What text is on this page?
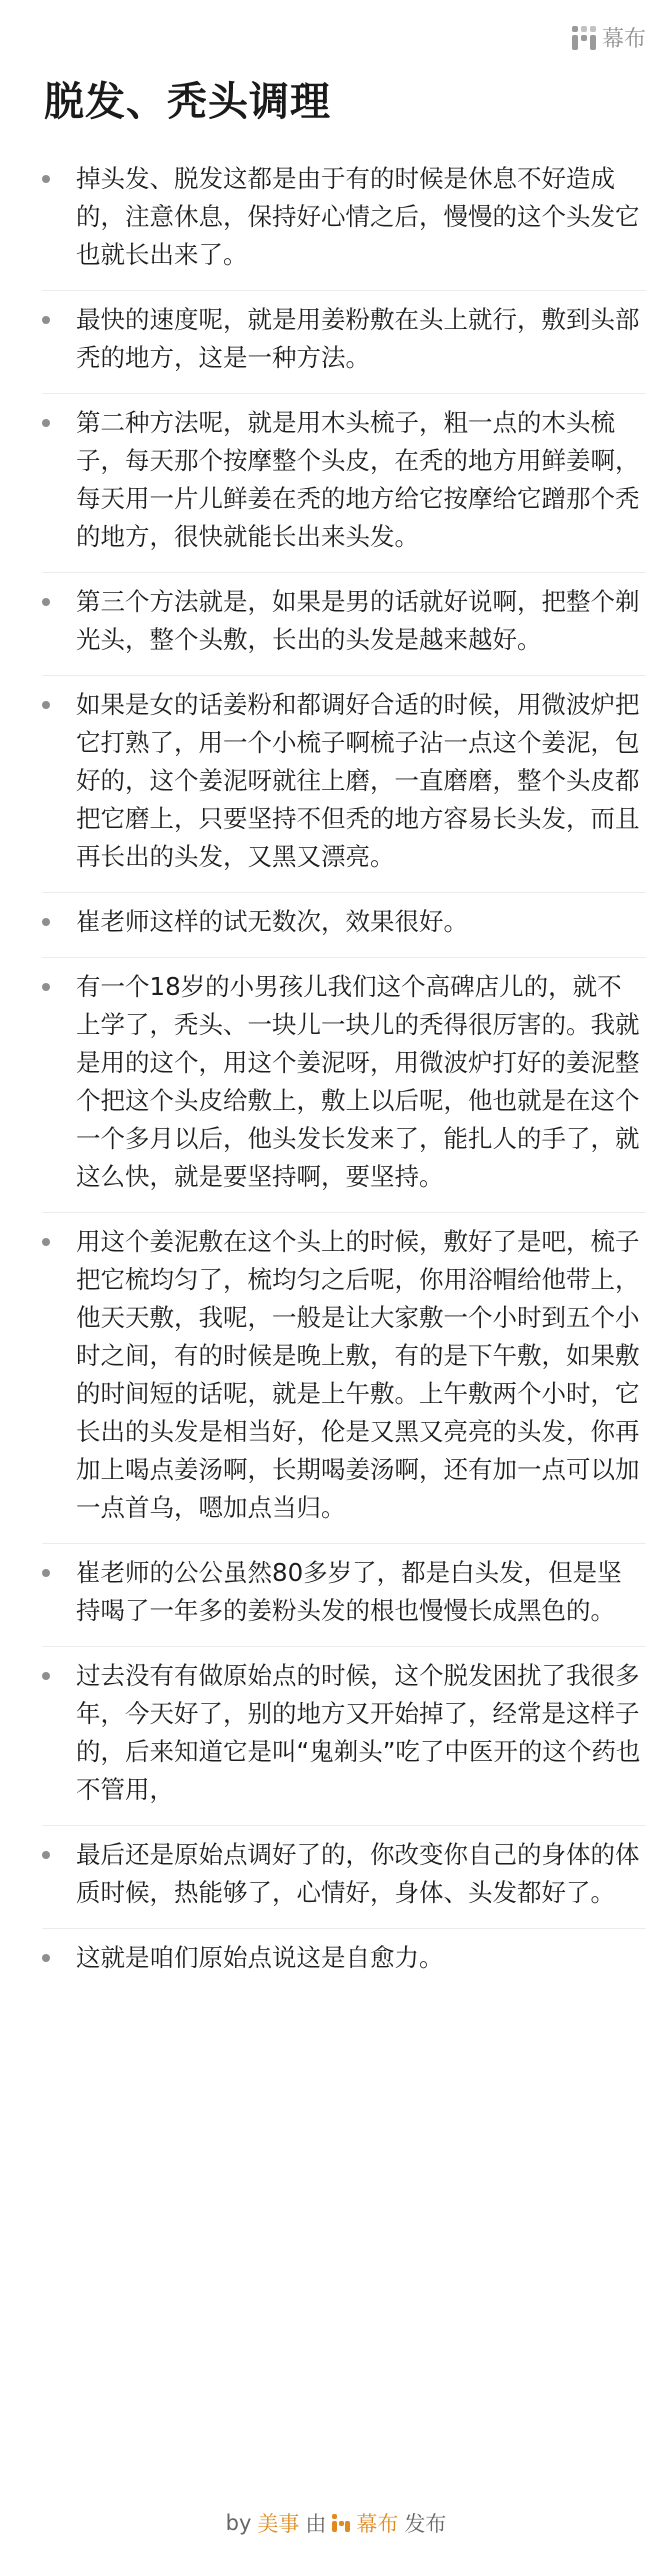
幕布
脱发、秃头调理
掉头发、脱发这都是由于有的时候是休息不好造成的，注意休息，保持好心情之后，慢慢的这个头发它也就长出来了。
最快的速度呢，就是用姜粉敷在头上就行，敷到头部秃的地方，这是一种方法。
第二种方法呢，就是用木头梳子，粗一点的木头梳子，每天那个按摩整个头皮，在秃的地方用鲜姜啊，每天用一片儿鲜姜在秃的地方给它按摩给它蹭那个秃的地方，很快就能长出来头发。
第三个方法就是，如果是男的话就好说啊，把整个剃光头，整个头敷，长出的头发是越来越好。
如果是女的话姜粉和都调好合适的时候，用微波炉把它打熟了，用一个小梳子啊梳子沾一点这个姜泥，包好的，这个姜泥呀就往上磨，一直磨磨，整个头皮都把它磨上，只要坚持不但秃的地方容易长头发，而且再长出的头发，又黑又漂亮。
崔老师这样的试无数次，效果很好。
有一个18岁的小男孩儿我们这个高碑店儿的，就不上学了，秃头、一块儿一块儿的秃得很厉害的。我就是用的这个，用这个姜泥呀，用微波炉打好的姜泥整个把这个头皮给敷上，敷上以后呢，他也就是在这个一个多月以后，他头发长发来了，能扎人的手了，就这么快，就是要坚持啊，要坚持。
用这个姜泥敷在这个头上的时候，敷好了是吧，梳子把它梳均匀了，梳均匀之后呢，你用浴帽给他带上，他天天敷，我呢，一般是让大家敷一个小时到五个小时之间，有的时候是晚上敷，有的是下午敷，如果敷的时间短的话呢，就是上午敷。上午敷两个小时，它长出的头发是相当好，伦是又黑又亮亮的头发，你再加上喝点姜汤啊，长期喝姜汤啊，还有加一点可以加一点首乌，嗯加点当归。
崔老师的公公虽然80多岁了，都是白头发，但是坚持喝了一年多的姜粉头发的根也慢慢长成黑色的。
过去没有有做原始点的时候，这个脱发困扰了我很多年，今天好了，别的地方又开始掉了，经常是这样子的，后来知道它是叫“鬼剃头”吃了中医开的这个药也不管用，
最后还是原始点调好了的，你改变你自己的身体的体质时候，热能够了，心情好，身体、头发都好了。
这就是咱们原始点说这是自愈力。
by 美事 由 幕布 发布
